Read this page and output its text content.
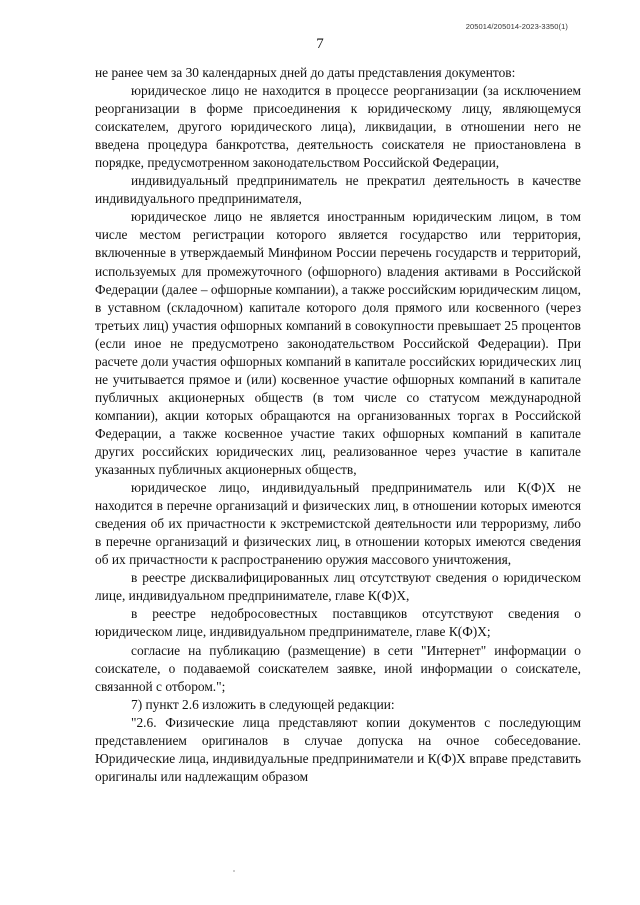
205014/205014-2023-3350(1)
7

не ранее чем за 30 календарных дней до даты представления документов:

юридическое лицо не находится в процессе реорганизации (за исключением реорганизации в форме присоединения к юридическому лицу, являющемуся соискателем, другого юридического лица), ликвидации, в отношении него не введена процедура банкротства, деятельность соискателя не приостановлена в порядке, предусмотренном законодательством Российской Федерации,

индивидуальный предприниматель не прекратил деятельность в качестве индивидуального предпринимателя,

юридическое лицо не является иностранным юридическим лицом, в том числе местом регистрации которого является государство или территория, включенные в утверждаемый Минфином России перечень государств и территорий, используемых для промежуточного (офшорного) владения активами в Российской Федерации (далее – офшорные компании), а также российским юридическим лицом, в уставном (складочном) капитале которого доля прямого или косвенного (через третьих лиц) участия офшорных компаний в совокупности превышает 25 процентов (если иное не предусмотрено законодательством Российской Федерации). При расчете доли участия офшорных компаний в капитале российских юридических лиц не учитывается прямое и (или) косвенное участие офшорных компаний в капитале публичных акционерных обществ (в том числе со статусом международной компании), акции которых обращаются на организованных торгах в Российской Федерации, а также косвенное участие таких офшорных компаний в капитале других российских юридических лиц, реализованное через участие в капитале указанных публичных акционерных обществ,

юридическое лицо, индивидуальный предприниматель или К(Ф)Х не находится в перечне организаций и физических лиц, в отношении которых имеются сведения об их причастности к экстремистской деятельности или терроризму, либо в перечне организаций и физических лиц, в отношении которых имеются сведения об их причастности к распространению оружия массового уничтожения,

в реестре дисквалифицированных лиц отсутствуют сведения о юридическом лице, индивидуальном предпринимателе, главе К(Ф)Х,

в реестре недобросовестных поставщиков отсутствуют сведения о юридическом лице, индивидуальном предпринимателе, главе К(Ф)Х;

согласие на публикацию (размещение) в сети "Интернет" информации о соискателе, о подаваемой соискателем заявке, иной информации о соискателе, связанной с отбором.";

7) пункт 2.6 изложить в следующей редакции:

"2.6. Физические лица представляют копии документов с последующим представлением оригиналов в случае допуска на очное собеседование. Юридические лица, индивидуальные предприниматели и К(Ф)Х вправе представить оригиналы или надлежащим образом
